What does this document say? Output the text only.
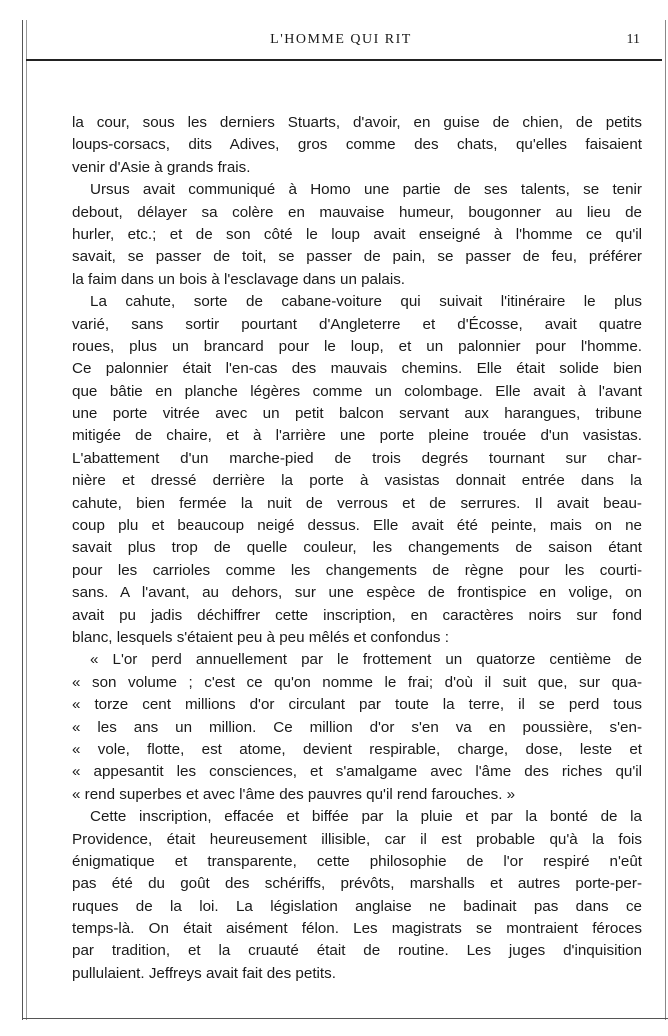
L'HOMME QUI RIT	11
la cour, sous les derniers Stuarts, d'avoir, en guise de chien, de petits
loups-corsacs, dits Adives, gros comme des chats, qu'elles faisaient
venir d'Asie à grands frais.
Ursus avait communiqué à Homo une partie de ses talents, se tenir
debout, délayer sa colère en mauvaise humeur, bougonner au lieu de
hurler, etc.; et de son côté le loup avait enseigné à l'homme ce qu'il
savait, se passer de toit, se passer de pain, se passer de feu, préférer
la faim dans un bois à l'esclavage dans un palais.
La cahute, sorte de cabane-voiture qui suivait l'itinéraire le plus
varié, sans sortir pourtant d'Angleterre et d'Écosse, avait quatre
roues, plus un brancard pour le loup, et un palonnier pour l'homme.
Ce palonnier était l'en-cas des mauvais chemins. Elle était solide bien
que bâtie en planche légères comme un colombage. Elle avait à l'avant
une porte vitrée avec un petit balcon servant aux harangues, tribune
mitigée de chaire, et à l'arrière une porte pleine trouée d'un vasistas.
L'abattement d'un marche-pied de trois degrés tournant sur char-
nière et dressé derrière la porte à vasistas donnait entrée dans la
cahute, bien fermée la nuit de verrous et de serrures. Il avait beau-
coup plu et beaucoup neigé dessus. Elle avait été peinte, mais on ne
savait plus trop de quelle couleur, les changements de saison étant
pour les carrioles comme les changements de règne pour les courti-
sans. A l'avant, au dehors, sur une espèce de frontispice en volige, on
avait pu jadis déchiffrer cette inscription, en caractères noirs sur fond
blanc, lesquels s'étaient peu à peu mêlés et confondus :
« L'or perd annuellement par le frottement un quatorze centième de
« son volume ; c'est ce qu'on nomme le frai; d'où il suit que, sur qua-
« torze cent millions d'or circulant par toute la terre, il se perd tous
« les ans un million. Ce million d'or s'en va en poussière, s'en-
« vole, flotte, est atome, devient respirable, charge, dose, leste et
« appesantit les consciences, et s'amalgame avec l'âme des riches qu'il
« rend superbes et avec l'âme des pauvres qu'il rend farouches. »
Cette inscription, effacée et biffée par la pluie et par la bonté de la
Providence, était heureusement illisible, car il est probable qu'à la fois
énigmatique et transparente, cette philosophie de l'or respiré n'eût
pas été du goût des schériffs, prévôts, marshalls et autres porte-per-
ruques de la loi. La législation anglaise ne badinait pas dans ce
temps-là. On était aisément félon. Les magistrats se montraient féroces
par tradition, et la cruauté était de routine. Les juges d'inquisition
pullulaient. Jeffreys avait fait des petits.
